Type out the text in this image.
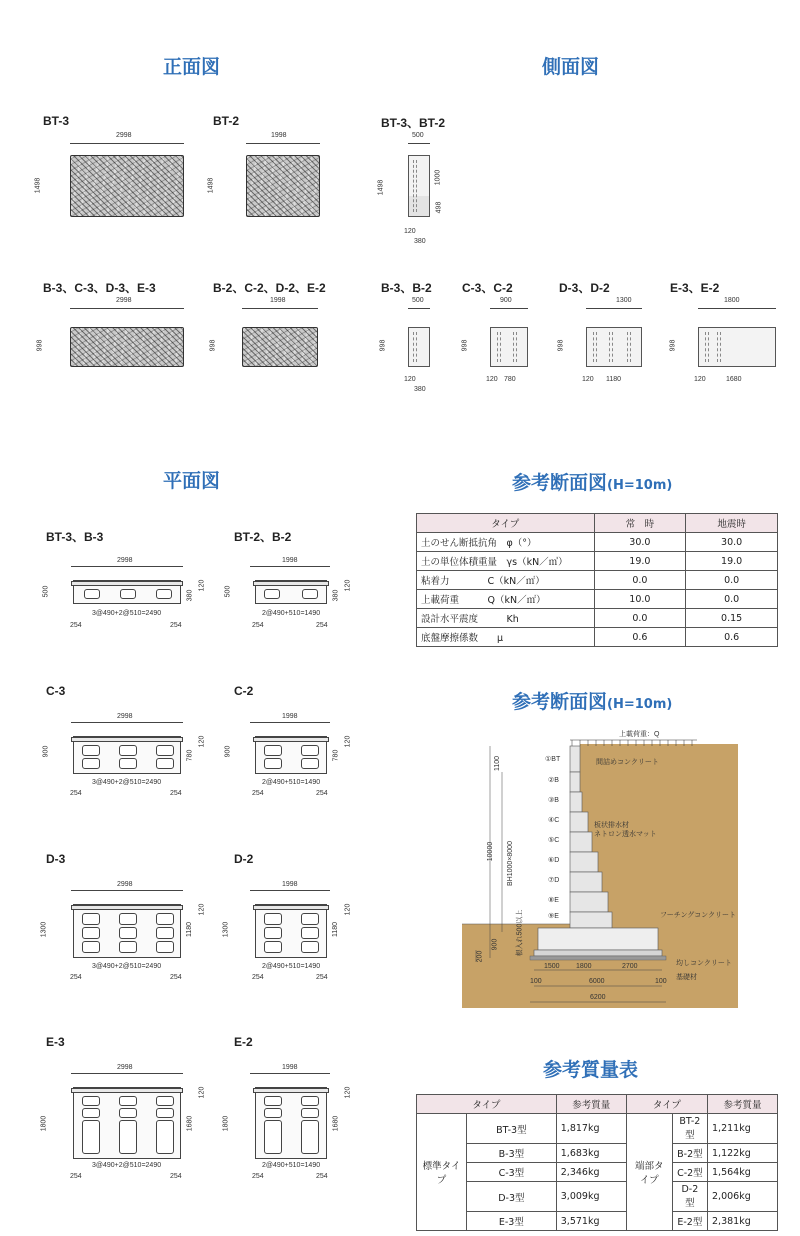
正面図	側面図
平面図	参考断面図(H=10m)
参考断面図(H=10m)
参考質量表
BT-3
2998
1498
BT-2
1998
1498
B-3、C-3、D-3、E-3
2998
998
B-2、C-2、D-2、E-2
1998
998
BT-3、BT-2
500
1498
1000
498
120
380
B-3、B-2
500
998
120
380
C-3、C-2
900
998
120 780
D-3、D-2
1300
998
120 1180
E-3、E-2
1800
998
120	1680
BT-3、B-3
2998
500	380
120
3@490+2@510=2490
254	254
BT-2、B-2
1998
500	380
120
2@490+510=1490
254	254
C-3
2998
900	780
120
3@490+2@510=2490
254	254
C-2
1998
900	780
120
2@490+510=1490
254	254
D-3
2998
1300	1180
120
3@490+2@510=2490
254	254
D-2
1998
1300	1180
120
2@490+510=1490
254	254
E-3
2998
1800	1680
120
3@490+2@510=2490
254	254
E-2
1998
1800	1680
120
2@490+510=1490
254	254
タイプ	常　時	地震時
土のせん断抵抗角　φ（°）	30.0	30.0
土の単位体積重量　γs（kN／㎥）	19.0	19.0
粘着力　　　　C（kN／㎡）	0.0	0.0
上載荷重　　　Q（kN／㎡）	10.0	0.0
設計水平震度　　　Kh	0.0	0.15
底盤摩擦係数　　μ	0.6	0.6
上載荷重：Q
①BT
②B
③B
④C
⑤C
⑥D
⑦D
⑧E
⑨E
間詰めコンクリート
板状排水材
ネトロン透水マット
フーチングコンクリート
均しコンクリート
基礎材
10000 BH1000×8000
1100
根入れ500以上
900
200
1500 1800	2700
100	6000	100
6200
タイプ		参考質量	タイプ		参考質量
標準タイプ	BT-3型	1,817kg	端部タイプ	BT-2型	1,211kg
	B-3型	1,683kg		B-2型	1,122kg
	C-3型	2,346kg		C-2型	1,564kg
	D-3型	3,009kg		D-2型	2,006kg
	E-3型	3,571kg		E-2型	2,381kg
